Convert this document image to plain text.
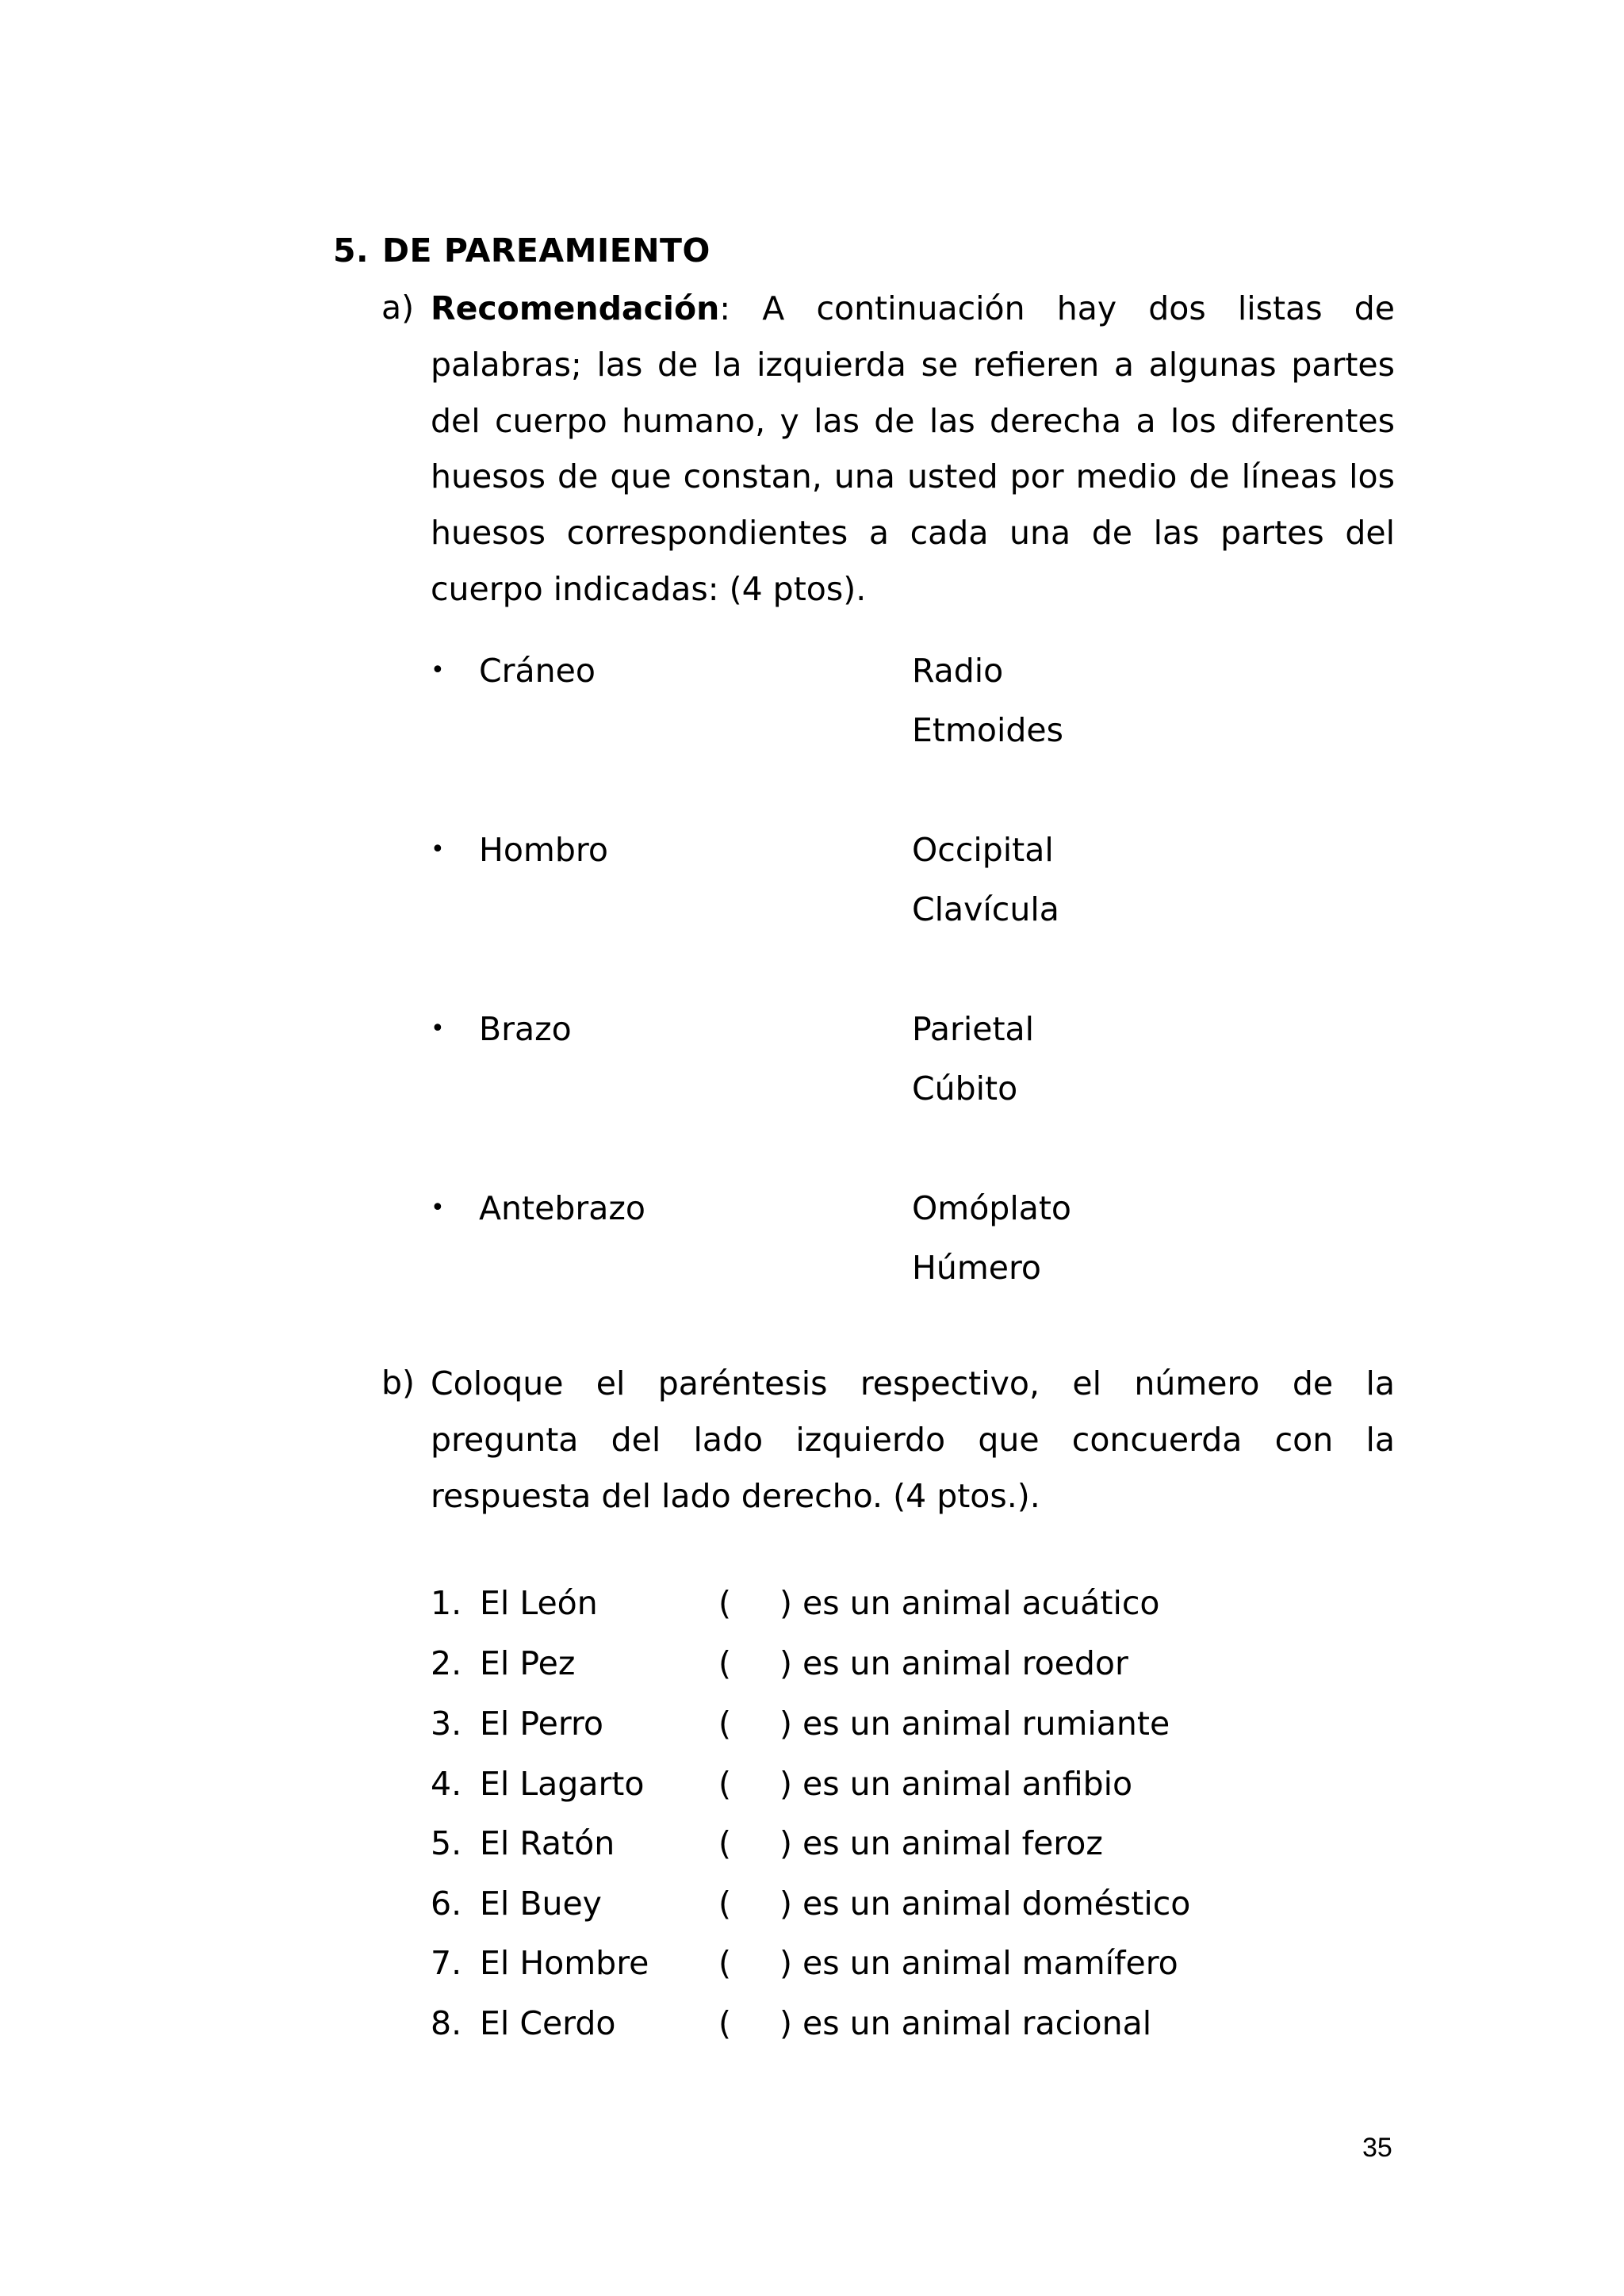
5. DE PAREAMIENTO
a) Recomendación: A continuación hay dos listas de palabras; las de la izquierda se refieren a algunas partes del cuerpo humano, y las de las derecha a los diferentes huesos de que constan, una usted por medio de líneas los huesos correspondientes a cada una de las partes del cuerpo indicadas: (4 ptos).
• Cráneo	Radio
Etmoides
• Hombro	Occipital
Clavícula
• Brazo	Parietal
Cúbito
• Antebrazo	Omóplato
Húmero
b) Coloque el paréntesis respectivo, el número de la pregunta del lado izquierdo que concuerda con la respuesta del lado derecho. (4 ptos.).
1. El León	( ) es un animal acuático
2. El Pez	( ) es un animal roedor
3. El Perro	( ) es un animal rumiante
4. El Lagarto ( ) es un animal anfibio
5. El Ratón	( ) es un animal feroz
6. El Buey	( ) es un animal doméstico
7. El Hombre ( ) es un animal mamífero
8. El Cerdo	( ) es un animal racional
35
